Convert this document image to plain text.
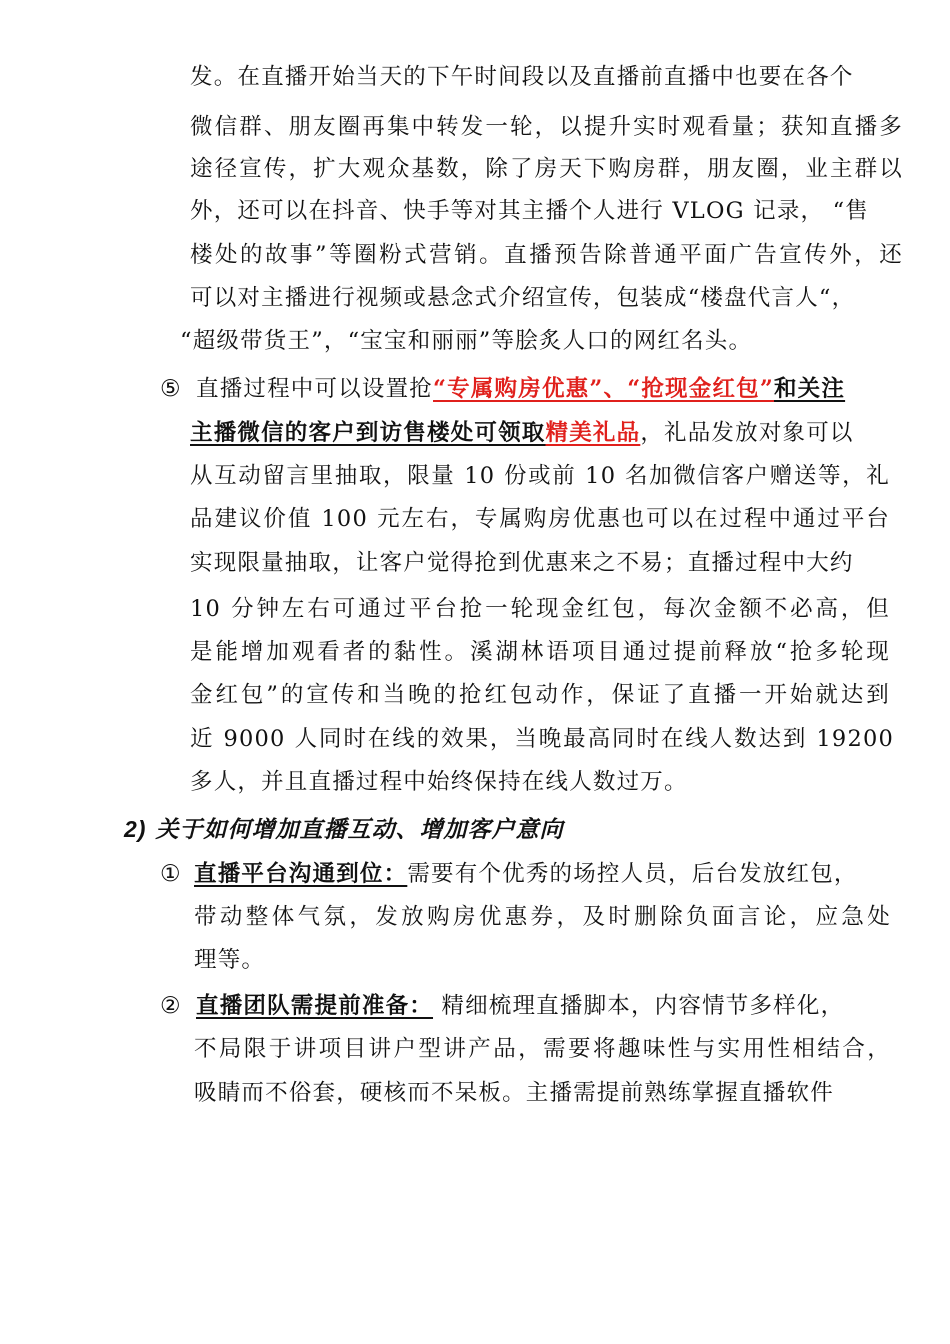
发。在直播开始当天的下午时间段以及直播前直播中也要在各个
微信群、朋友圈再集中转发一轮，以提升实时观看量；获知直播多
途径宣传，扩大观众基数，除了房天下购房群，朋友圈，业主群以
外，还可以在抖音、快手等对其主播个人进行 VLOG 记录， “售
楼处的故事”等圈粉式营销。直播预告除普通平面广告宣传外，还
可以对主播进行视频或悬念式介绍宣传，包装成“楼盘代言人“，
“超级带货王”，“宝宝和丽丽”等脍炙人口的网红名头。
⑤ 直播过程中可以设置抢“专属购房优惠”、“抢现金红包”和关注
主播微信的客户到访售楼处可领取精美礼品，礼品发放对象可以
从互动留言里抽取，限量 10 份或前 10 名加微信客户赠送等，礼
品建议价值 100 元左右，专属购房优惠也可以在过程中通过平台
实现限量抽取，让客户觉得抢到优惠来之不易；直播过程中大约
10 分钟左右可通过平台抢一轮现金红包，每次金额不必高，但
是能增加观看者的黏性。溪湖林语项目通过提前释放“抢多轮现
金红包”的宣传和当晚的抢红包动作，保证了直播一开始就达到
近 9000 人同时在线的效果，当晚最高同时在线人数达到 19200
多人，并且直播过程中始终保持在线人数过万。
2) 关于如何增加直播互动、增加客户意向
① 直播平台沟通到位：需要有个优秀的场控人员，后台发放红包，
带动整体气氛，发放购房优惠券，及时删除负面言论，应急处
理等。
② 直播团队需提前准备： 精细梳理直播脚本，内容情节多样化，
不局限于讲项目讲户型讲产品，需要将趣味性与实用性相结合，
吸睛而不俗套，硬核而不呆板。主播需提前熟练掌握直播软件
